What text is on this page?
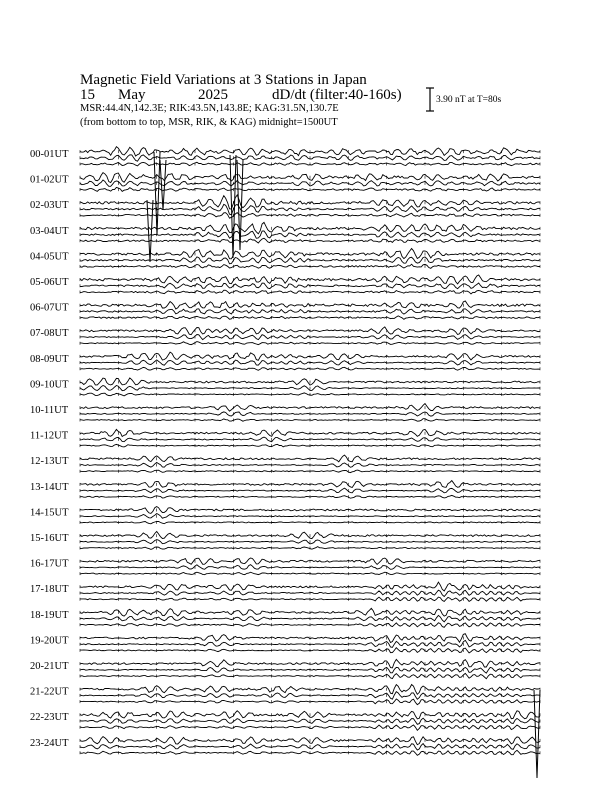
Magnetic Field Variations at 3 Stations in Japan
15 May	2025	dD/dt (filter:40-160s)
MSR:44.4N,142.3E; RIK:43.5N,143.8E; KAG:31.5N,130.7E
(from bottom to top, MSR, RIK, & KAG) midnight=1500UT
3.90 nT at T=80s
00-01UT
01-02UT
02-03UT
03-04UT
04-05UT
05-06UT
06-07UT
07-08UT
08-09UT
09-10UT
10-11UT
11-12UT
12-13UT
13-14UT
14-15UT
15-16UT
16-17UT
17-18UT
18-19UT
19-20UT
20-21UT
21-22UT
22-23UT
23-24UT
